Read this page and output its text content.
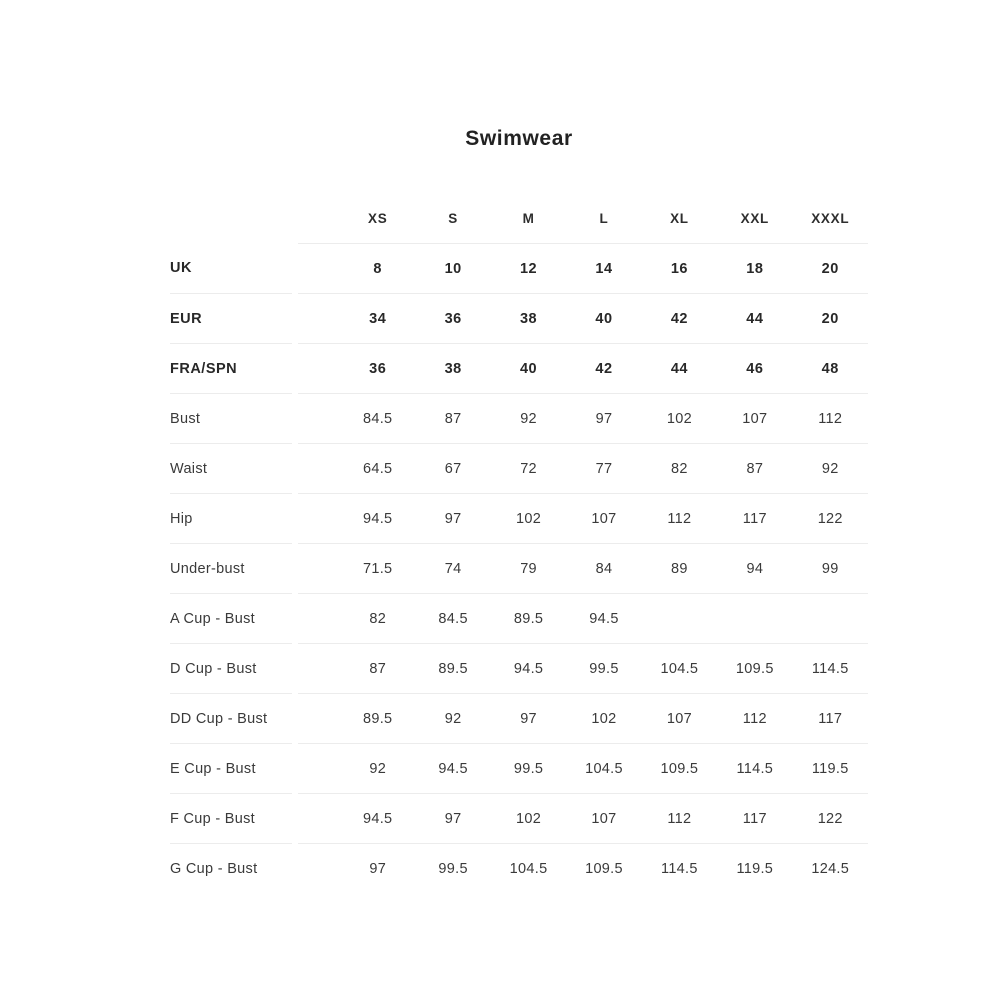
Swimwear
XS	S	M	L	XL	XXL	XXXL
UK	8	10	12	14	16	18	20
EUR	34	36	38	40	42	44	20
FRA/SPN	36	38	40	42	44	46	48
Bust	84.5	87	92	97	102	107	112
Waist	64.5	67	72	77	82	87	92
Hip	94.5	97	102	107	112	117	122
Under-bust	71.5	74	79	84	89	94	99
A Cup - Bust	82	84.5	89.5	94.5
D Cup - Bust	87	89.5	94.5	99.5	104.5	109.5	114.5
DD Cup - Bust	89.5	92	97	102	107	112	117
E Cup - Bust	92	94.5	99.5	104.5	109.5	114.5	119.5
F Cup - Bust	94.5	97	102	107	112	117	122
G Cup - Bust	97	99.5	104.5	109.5	114.5	119.5	124.5
